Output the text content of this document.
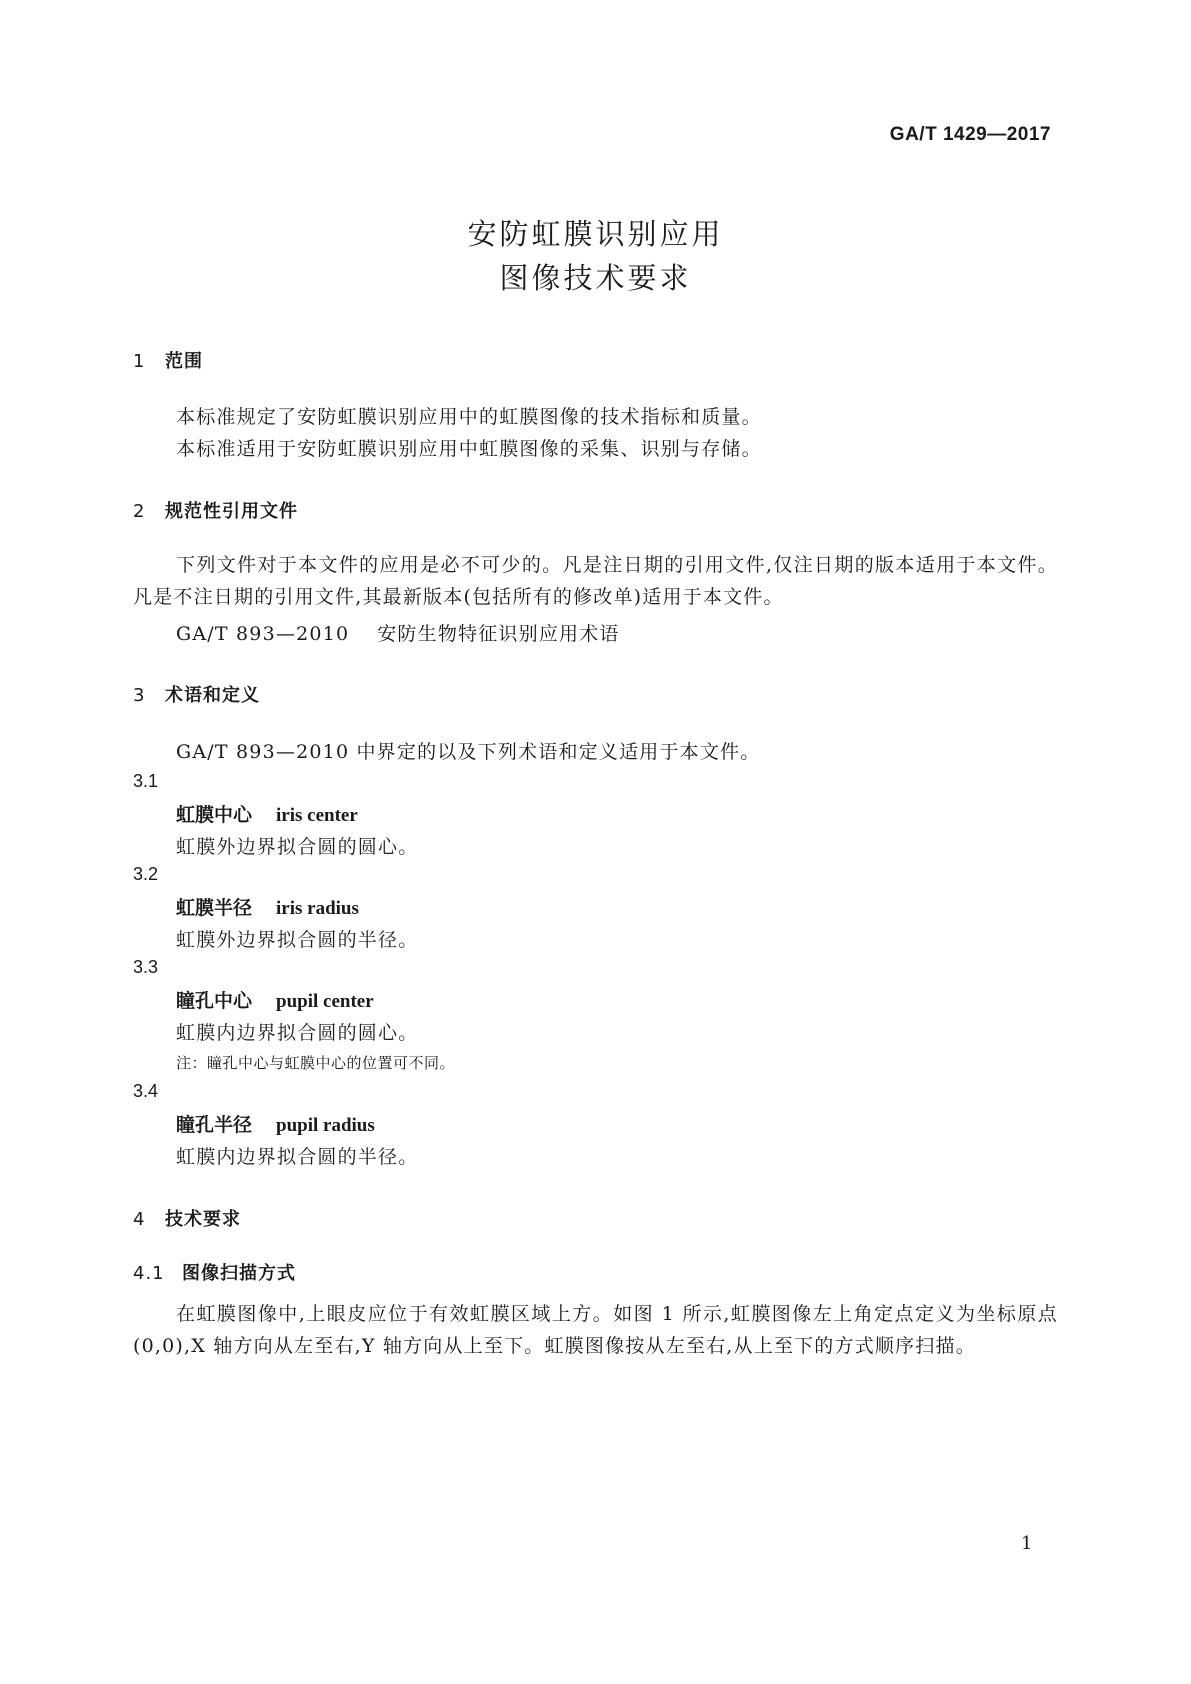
GA/T 1429—2017
安防虹膜识别应用
图像技术要求
1 范围
本标准规定了安防虹膜识别应用中的虹膜图像的技术指标和质量。
本标准适用于安防虹膜识别应用中虹膜图像的采集、识别与存储。
2 规范性引用文件
下列文件对于本文件的应用是必不可少的。凡是注日期的引用文件,仅注日期的版本适用于本文件。凡是不注日期的引用文件,其最新版本(包括所有的修改单)适用于本文件。
GA/T 893—2010 安防生物特征识别应用术语
3 术语和定义
GA/T 893—2010 中界定的以及下列术语和定义适用于本文件。
3.1
虹膜中心 iris center
虹膜外边界拟合圆的圆心。
3.2
虹膜半径 iris radius
虹膜外边界拟合圆的半径。
3.3
瞳孔中心 pupil center
虹膜内边界拟合圆的圆心。
注：瞳孔中心与虹膜中心的位置可不同。
3.4
瞳孔半径 pupil radius
虹膜内边界拟合圆的半径。
4 技术要求
4.1 图像扫描方式
在虹膜图像中,上眼皮应位于有效虹膜区域上方。如图 1 所示,虹膜图像左上角定点定义为坐标原点(0,0),X 轴方向从左至右,Y 轴方向从上至下。虹膜图像按从左至右,从上至下的方式顺序扫描。
1
